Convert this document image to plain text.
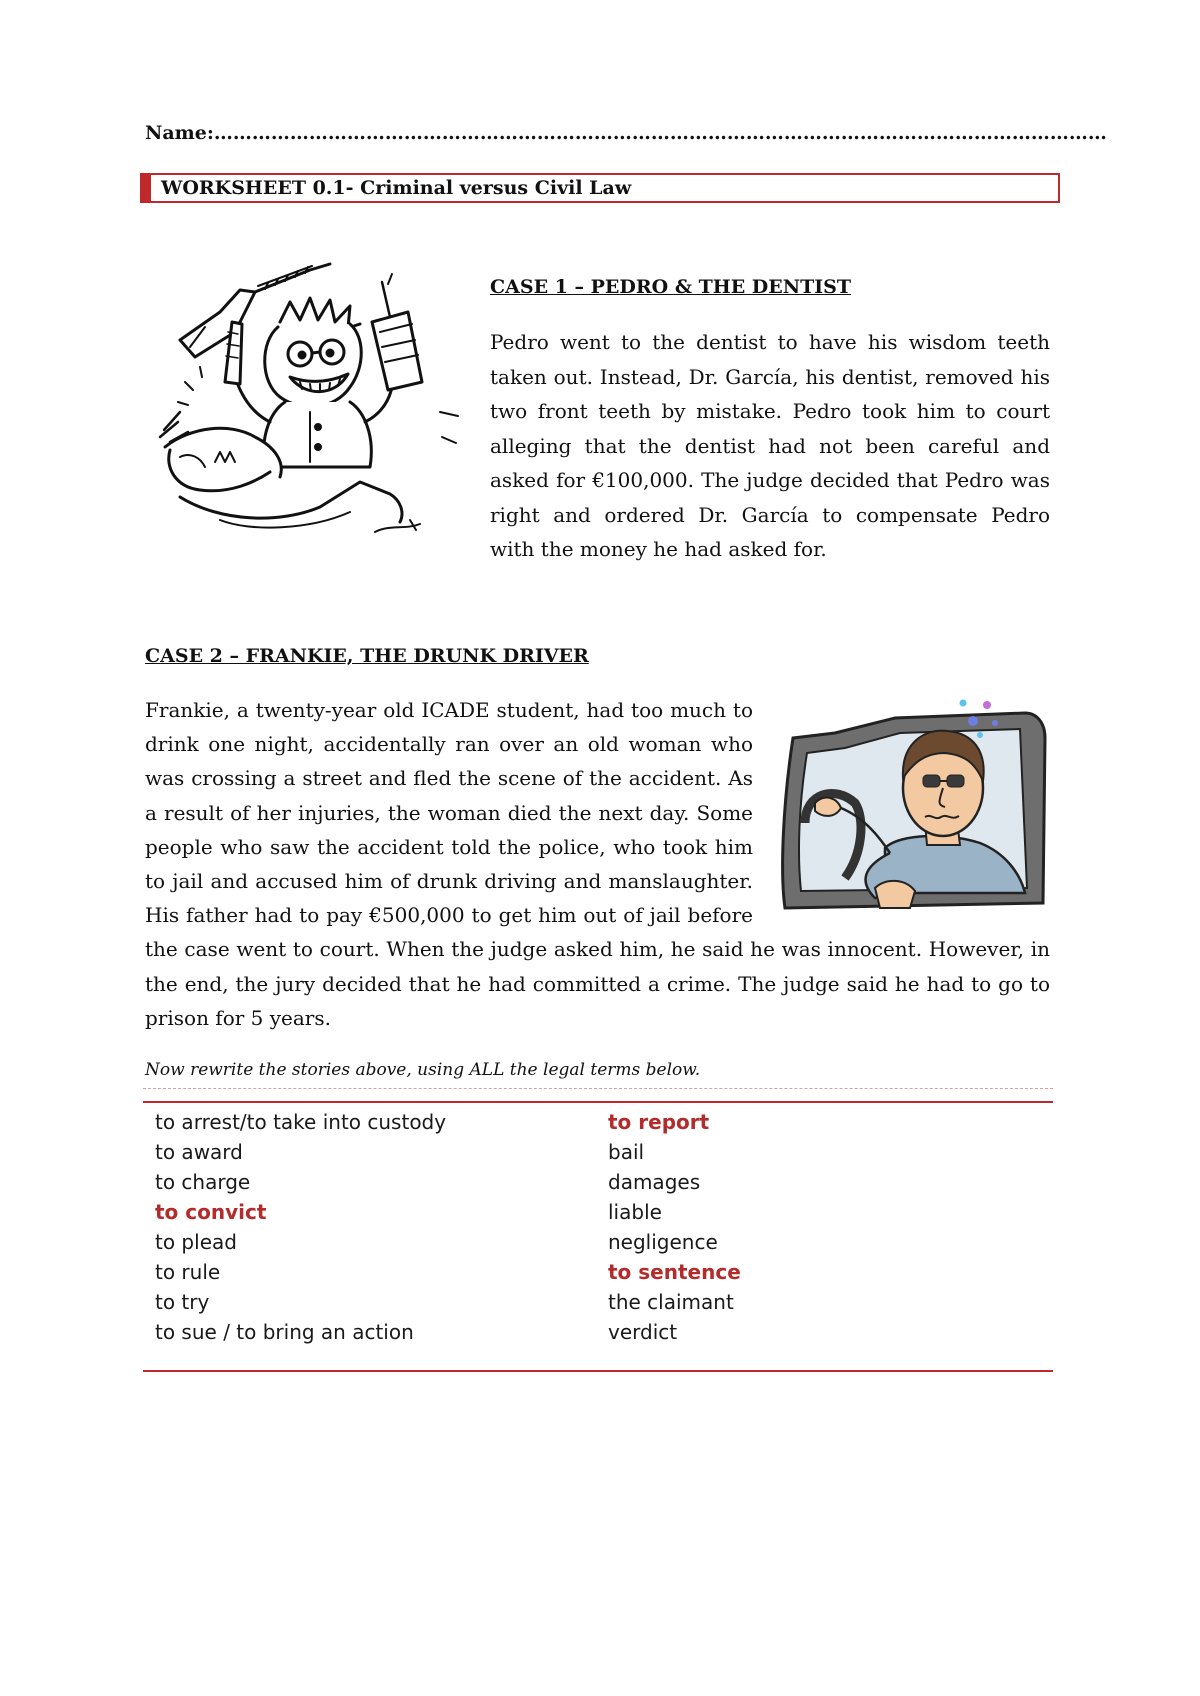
Name:……………………………………………………………………………………………………………………………
WORKSHEET 0.1- Criminal versus Civil Law
CASE 1 – PEDRO & THE DENTIST
Pedro went to the dentist to have his wisdom teeth taken out. Instead, Dr. García, his dentist, removed his two front teeth by mistake. Pedro took him to court alleging that the dentist had not been careful and asked for €100,000. The judge decided that Pedro was right and ordered Dr. García to compensate Pedro with the money he had asked for.
CASE 2 – FRANKIE, THE DRUNK DRIVER
Frankie, a twenty-year old ICADE student, had too much to drink one night, accidentally ran over an old woman who was crossing a street and fled the scene of the accident. As a result of her injuries, the woman died the next day. Some people who saw the accident told the police, who took him to jail and accused him of drunk driving and manslaughter. His father had to pay €500,000 to get him out of jail before the case went to court. When the judge asked him, he said he was innocent. However, in the end, the jury decided that he had committed a crime. The judge said he had to go to prison for 5 years.
Now rewrite the stories above, using ALL the legal terms below.
to arrest/to take into custody
to award
to charge
to convict
to plead
to rule
to try
to sue / to bring an action
to report
bail
damages
liable
negligence
to sentence
the claimant
verdict
